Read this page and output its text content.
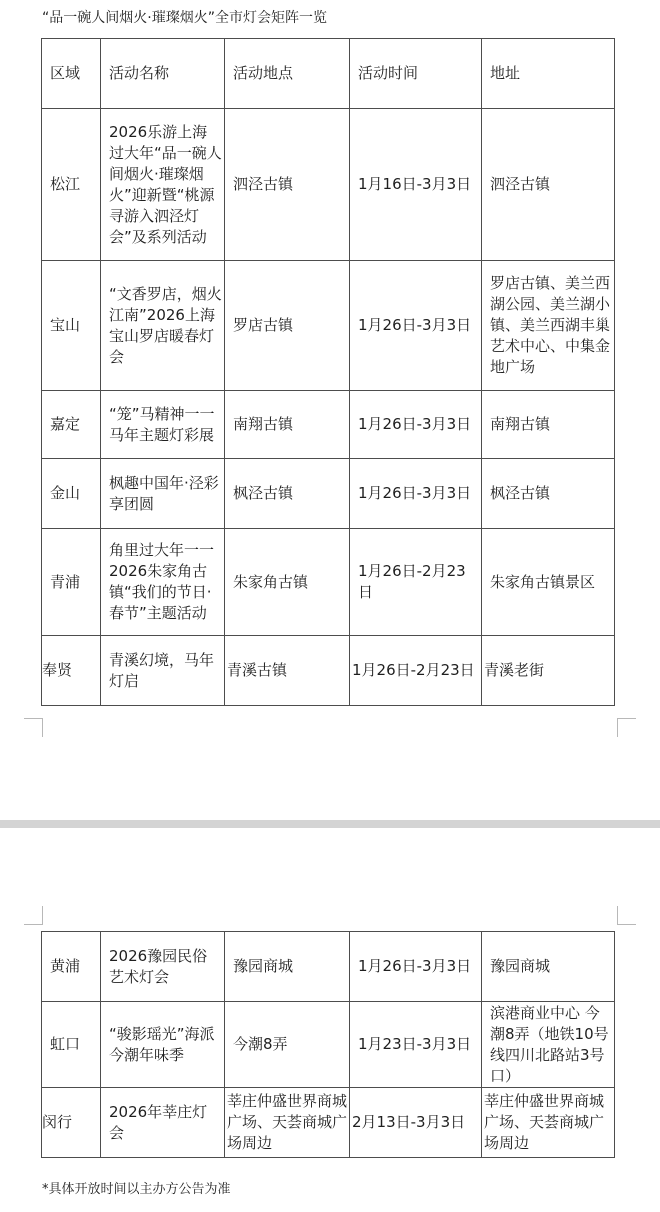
“品一碗人间烟火·璀璨烟火”全市灯会矩阵一览
区域	活动名称	活动地点	活动时间	地址
松江	2026乐游上海过大年“品一碗人间烟火·璀璨烟火”迎新暨“桃源寻游入泗泾灯会”及系列活动	泗泾古镇	1月16日-3月3日	泗泾古镇
宝山	“文香罗店，烟火江南”2026上海宝山罗店暖春灯会	罗店古镇	1月26日-3月3日	罗店古镇、美兰西湖公园、美兰湖小镇、美兰西湖丰巢艺术中心、中集金地广场
嘉定	“笼”马精神一一马年主题灯彩展	南翔古镇	1月26日-3月3日	南翔古镇
金山	枫趣中国年·泾彩享团圆	枫泾古镇	1月26日-3月3日	枫泾古镇
青浦	角里过大年一一2026朱家角古镇“我们的节日·春节”主题活动	朱家角古镇	1月26日-2月23日	朱家角古镇景区
奉贤	青溪幻境，马年灯启	青溪古镇	1月26日-2月23日	青溪老街
黄浦	2026豫园民俗艺术灯会	豫园商城	1月26日-3月3日	豫园商城
虹口	“骏影瑶光”海派今潮年味季	今潮8弄	1月23日-3月3日	滨港商业中心 今潮8弄（地铁10号线四川北路站3号口）
闵行	2026年莘庄灯会	莘庄仲盛世界商城广场、天荟商城广场周边	2月13日-3月3日	莘庄仲盛世界商城广场、天荟商城广场周边
*具体开放时间以主办方公告为准
